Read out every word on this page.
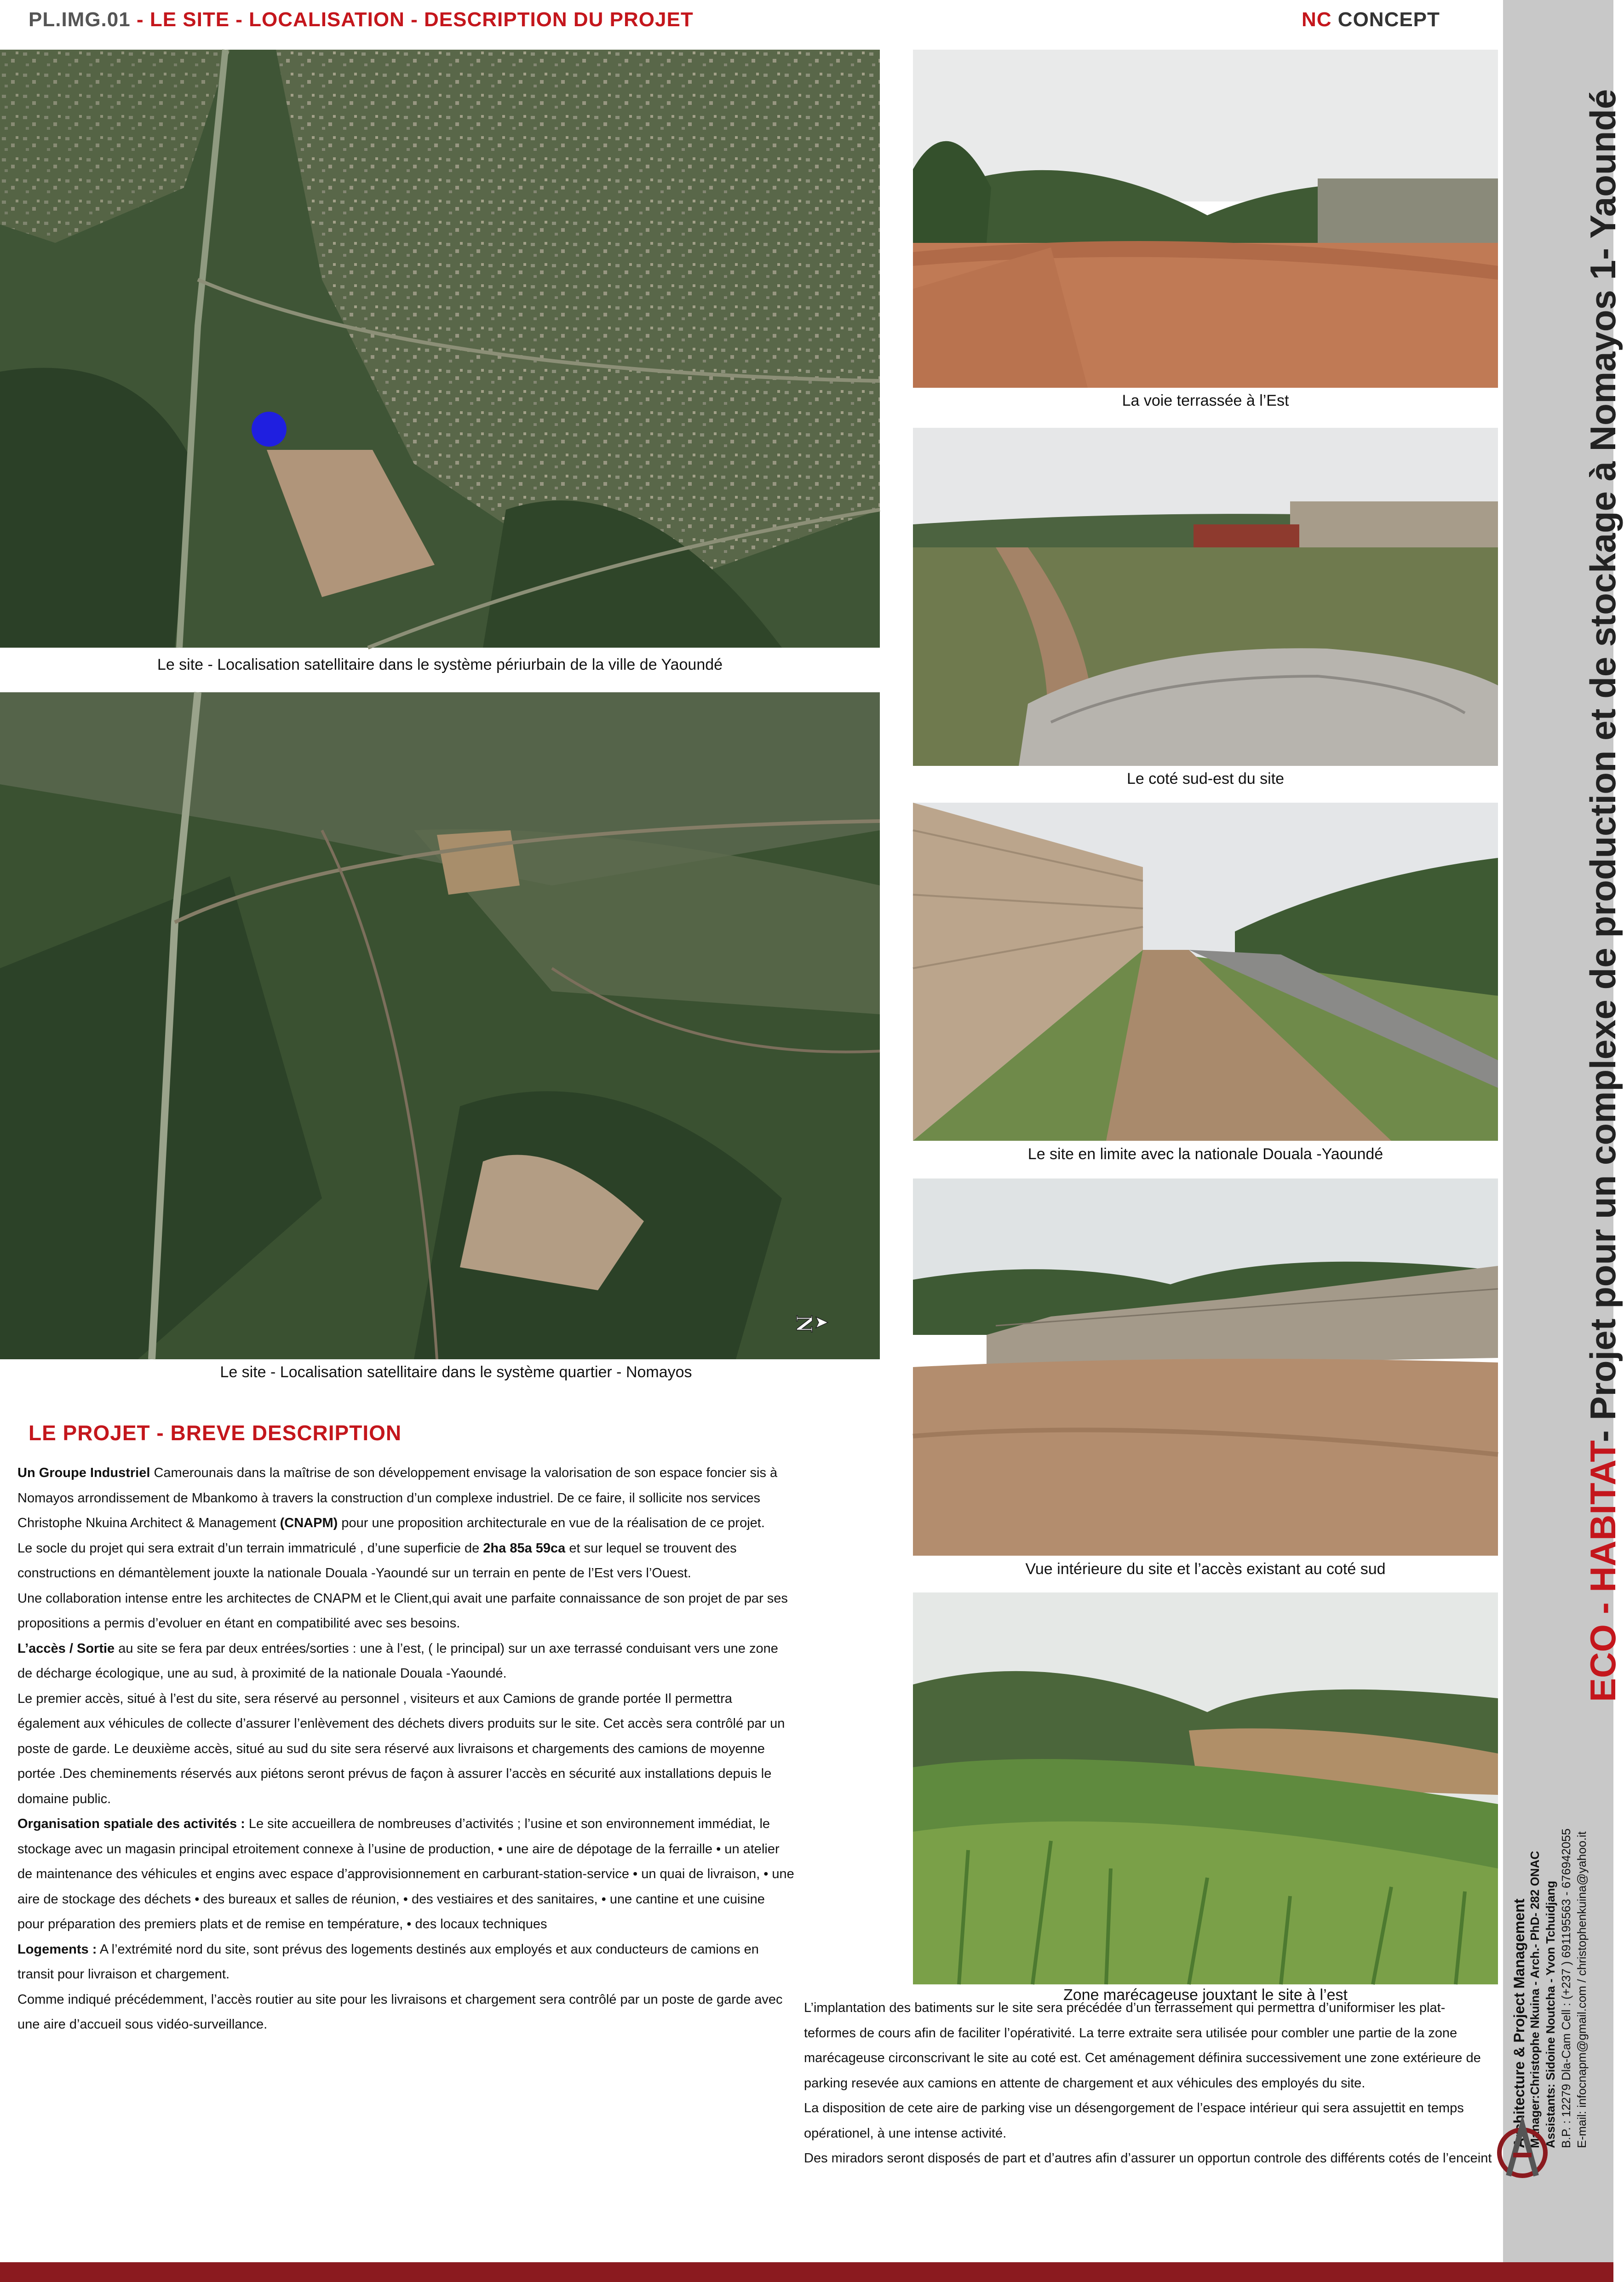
PL.IMG.01 - LE SITE - LOCALISATION - DESCRIPTION DU PROJET	NC CONCEPT
Le site - Localisation satellitaire dans le système périurbain de la ville de Yaoundé
N
Le site - Localisation satellitaire dans le système quartier - Nomayos
La voie terrassée à l’Est
Le coté sud-est du site
Le site en limite avec la nationale Douala -Yaoundé
Vue intérieure du site et l’accès existant au coté sud
Zone marécageuse jouxtant le site à l’est
LE PROJET - BREVE DESCRIPTION

Un Groupe Industriel Camerounais dans la maîtrise de son développement envisage la valorisation de son espace foncier sis à Nomayos arrondissement de Mbankomo à travers la construction d’un complexe industriel. De ce faire, il sollicite nos services Christophe Nkuina Architect & Management (CNAPM) pour une proposition architecturale en vue de la réalisation de ce projet.

Le socle du projet qui sera extrait d’un terrain immatriculé , d’une superficie de 2ha 85a 59ca et sur lequel se trouvent des constructions en démantèlement jouxte la nationale Douala -Yaoundé sur un terrain en pente de l’Est vers l’Ouest.

Une collaboration intense entre les architectes de CNAPM et le Client,qui avait une parfaite connaissance de son projet de par ses propositions a permis d’evoluer en étant en compatibilité avec ses besoins.

L’accès / Sortie au site se fera par deux entrées/sorties : une à l’est, ( le principal) sur un axe terrassé conduisant vers une zone de décharge écologique, une au sud, à proximité de la nationale Douala -Yaoundé.

Le premier accès, situé à l’est du site, sera réservé au personnel , visiteurs et aux Camions de grande portée Il permettra également aux véhicules de collecte d’assurer l’enlèvement des déchets divers produits sur le site. Cet accès sera contrôlé par un poste de garde. Le deuxième accès, situé au sud du site sera réservé aux livraisons et chargements des camions de moyenne portée .Des cheminements réservés aux piétons seront prévus de façon à assurer l’accès en sécurité aux installations depuis le domaine public.

Organisation spatiale des activités : Le site accueillera de nombreuses d’activités ; l’usine et son environnement immédiat, le stockage avec un magasin principal etroitement connexe à l’usine de production, • une aire de dépotage de la ferraille • un atelier de maintenance des véhicules et engins avec espace d’approvisionnement en carburant-station-service • un quai de livraison, • une aire de stockage des déchets • des bureaux et salles de réunion, • des vestiaires et des sanitaires, • une cantine et une cuisine pour préparation des premiers plats et de remise en température, • des locaux techniques

Logements : A l’extrémité nord du site, sont prévus des logements destinés aux employés et aux conducteurs de camions en transit pour livraison et chargement.

Comme indiqué précédemment, l’accès routier au site pour les livraisons et chargement sera contrôlé par un poste de garde avec une aire d’accueil sous vidéo-surveillance.

L’implantation des batiments sur le site sera précédée d’un terrassement qui permettra d’uniformiser les plat-teformes de cours afin de faciliter l’opérativité. La terre extraite sera utilisée pour combler une partie de la zone marécageuse circonscrivant le site au coté est. Cet aménagement définira successivement une zone extérieure de parking resevée aux camions en attente de chargement et aux véhicules des employés du site.

La disposition de cete aire de parking vise un désengorgement de l’espace intérieur qui sera assujettit en temps opérationel, à une intense activité.

Des miradors seront disposés de part et d’autres afin d’assurer un opportun controle des différents cotés de l’enceint

ECO - HABITAT- Projet pour un complexe de production et de stockage à Nomayos 1- Yaoundé
Architecture & Project Management Manager:Christophe Nkuina - Arch.- PhD- 282 ONAC Assistants: Sidoine Noutcha - Yvon Tchuidjang B.P. : 12279 Dla-Cam Cell : (+237 ) 691195563 - 676942055 E-mail: infocnapm@gmail.com / christophenkuina@yahoo.it
